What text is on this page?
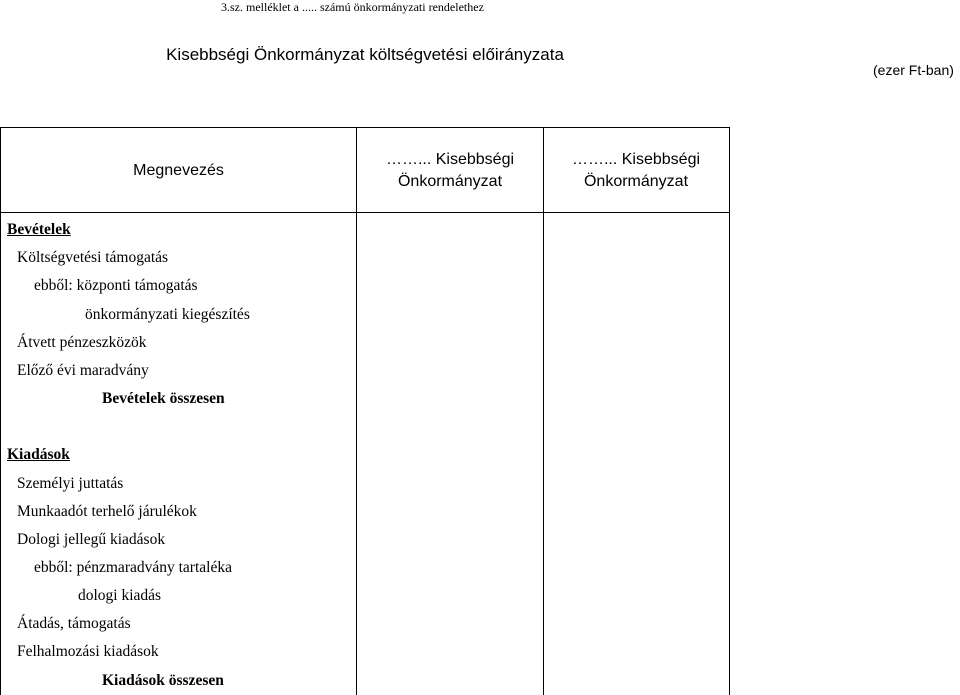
3.sz. melléklet a ..... számú önkormányzati rendelethez
Kisebbségi Önkormányzat költségvetési előirányzata
(ezer Ft-ban)
Megnevezés
……... Kisebbségi
Önkormányzat
……... Kisebbségi
Önkormányzat
Bevételek
Költségvetési támogatás
ebből: központi támogatás
önkormányzati kiegészítés
Átvett pénzeszközök
Előző évi maradvány
Bevételek összesen
Kiadások
Személyi juttatás
Munkaadót terhelő járulékok
Dologi jellegű kiadások
ebből: pénzmaradvány tartaléka
dologi kiadás
Átadás, támogatás
Felhalmozási kiadások
Kiadások összesen
